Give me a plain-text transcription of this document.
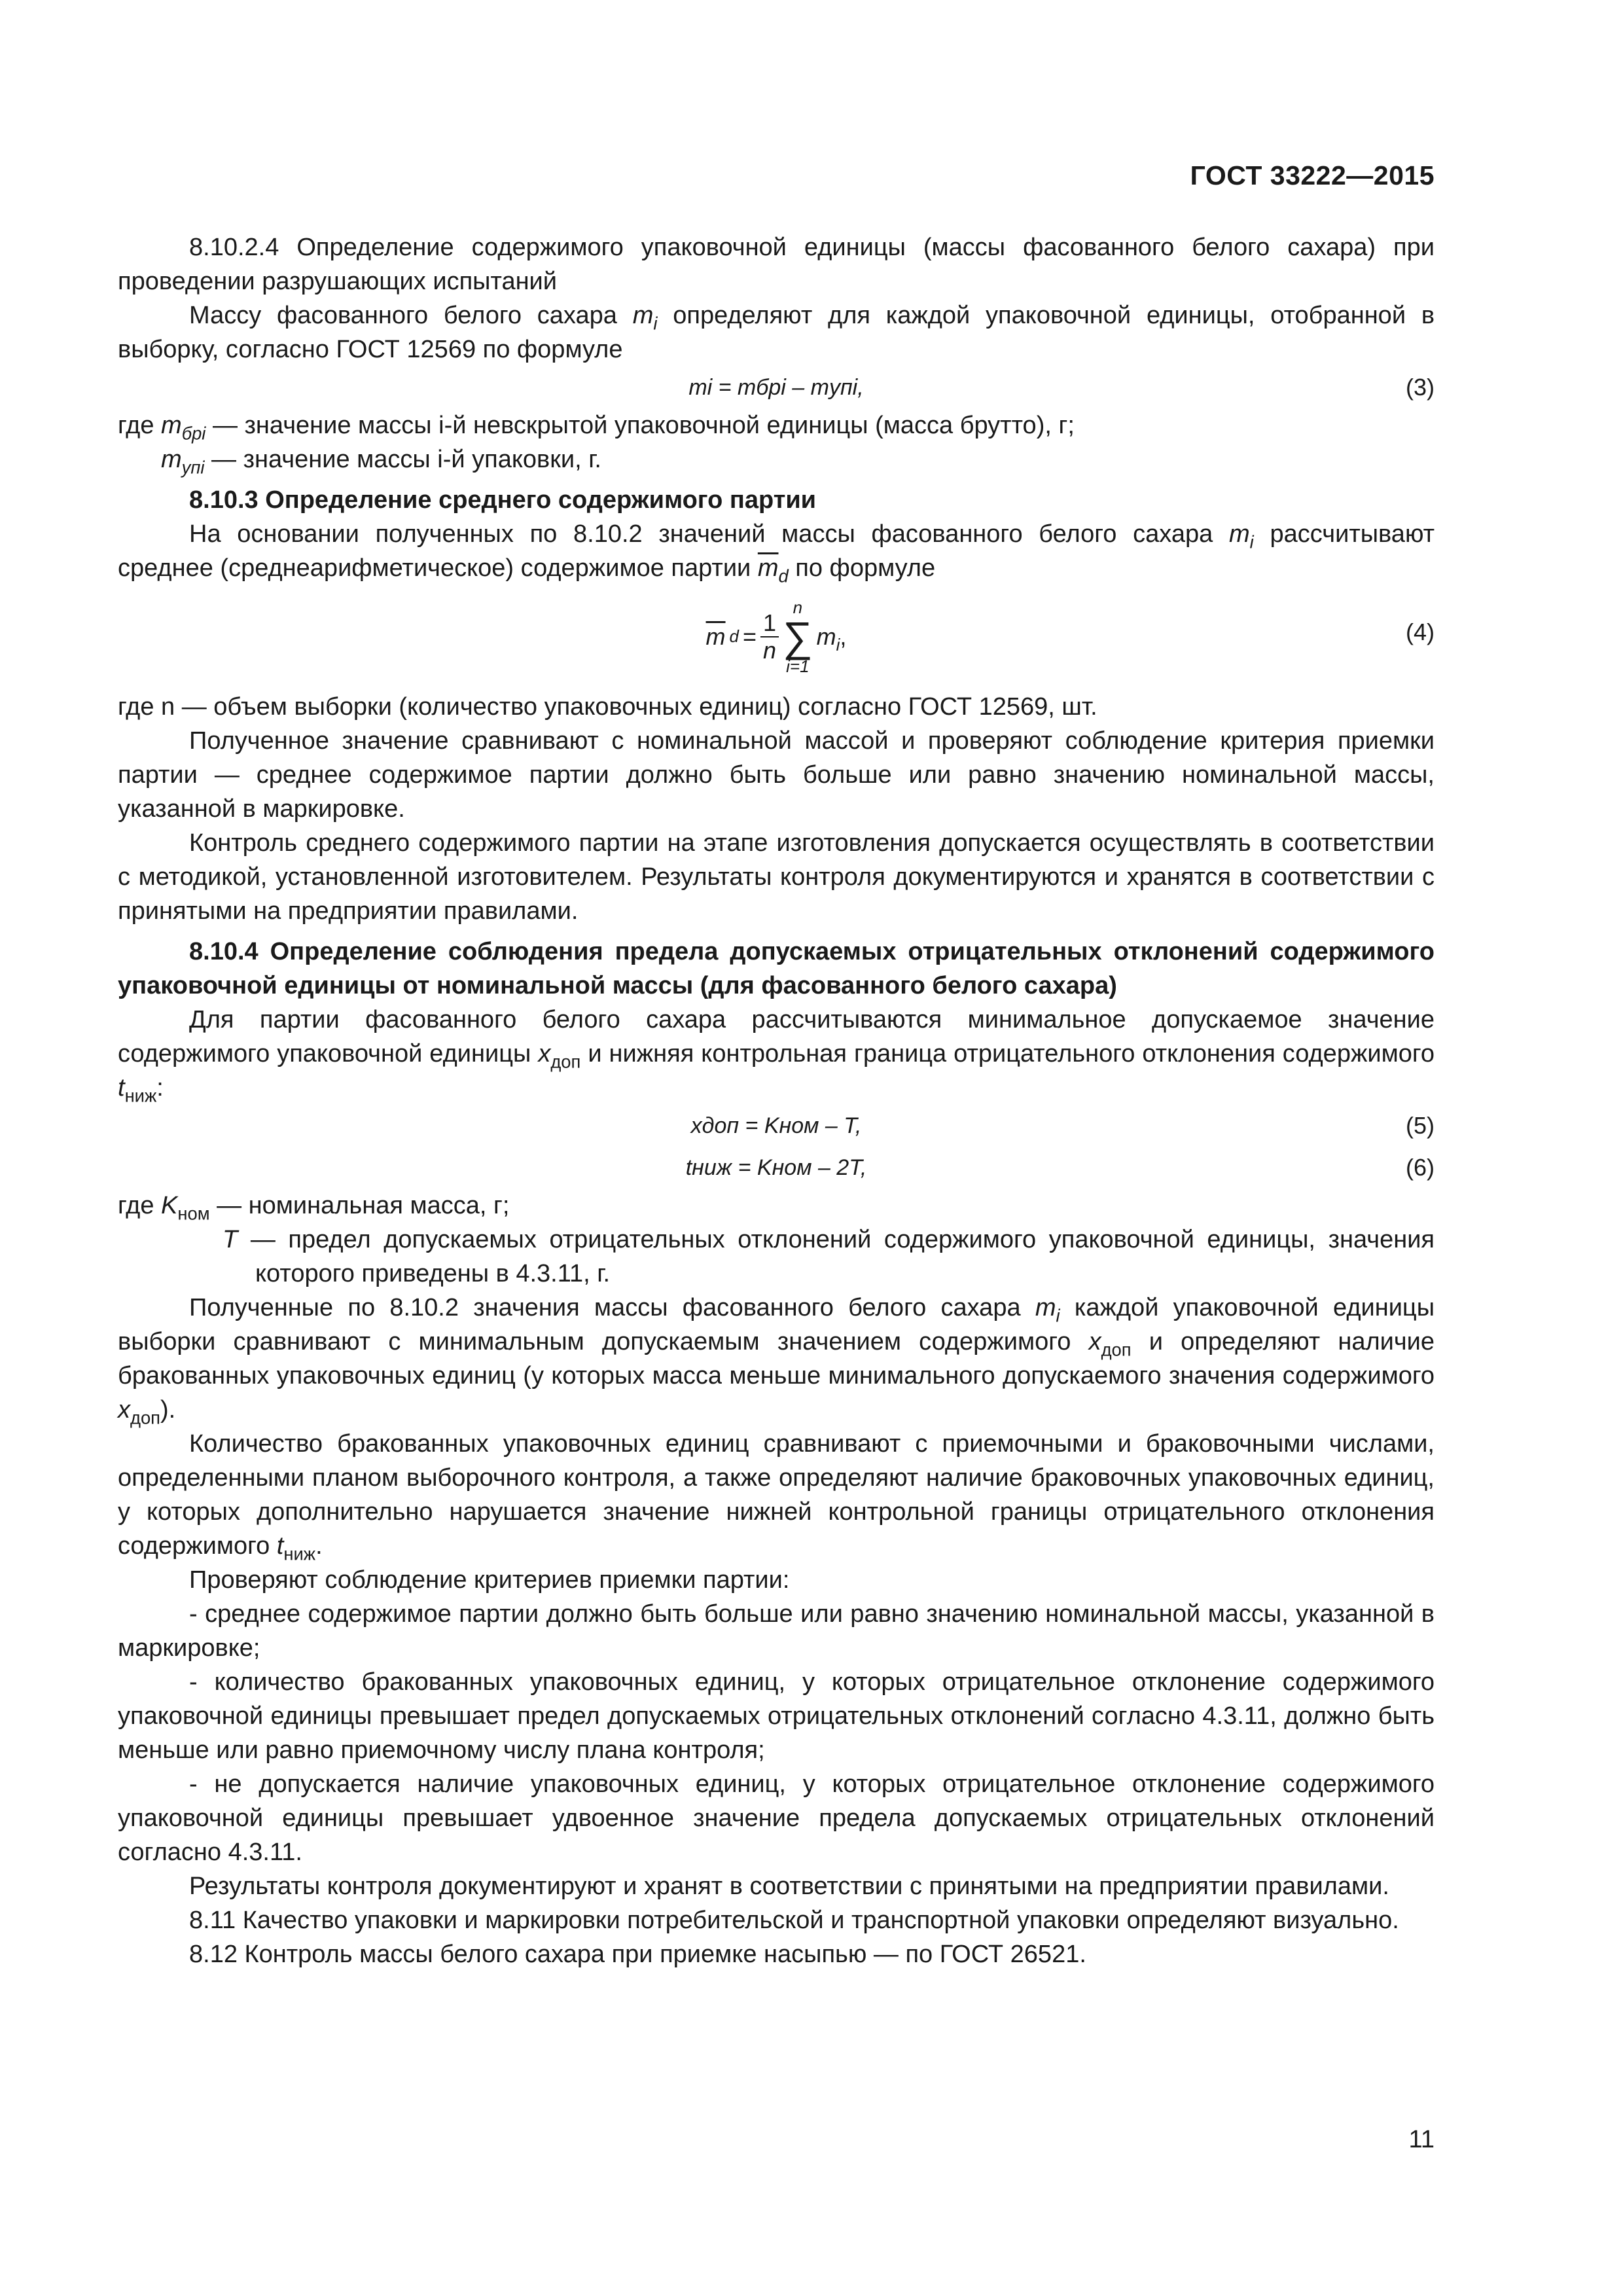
ГОСТ 33222—2015

8.10.2.4 Определение содержимого упаковочной единицы (массы фасованного белого сахара) при проведении разрушающих испытаний

Массу фасованного белого сахара $m_i$ определяют для каждой упаковочной единицы, отобранной в выборку, согласно ГОСТ 12569 по формуле

mi = mбрi – mупi,	(3)

где $m_{брi}$ — значение массы i-й невскрытой упаковочной единицы (масса брутто), г;

$m_{упi}$ — значение массы i-й упаковки, г.

8.10.3 Определение среднего содержимого партии

На основании полученных по 8.10.2 значений массы фасованного белого сахара $m_i$ рассчитывают среднее (среднеарифметическое) содержимое партии $\overline{m}_d$ по формуле

$\overline{m}$ $d = \frac{1}{n}$
n
∑
i=1
$m_i$,	(4)

где n — объем выборки (количество упаковочных единиц) согласно ГОСТ 12569, шт.

Полученное значение сравнивают с номинальной массой и проверяют соблюдение критерия приемки партии — среднее содержимое партии должно быть больше или равно значению номинальной массы, указанной в маркировке.

Контроль среднего содержимого партии на этапе изготовления допускается осуществлять в соответствии с методикой, установленной изготовителем. Результаты контроля документируются и хранятся в соответствии с принятыми на предприятии правилами.

8.10.4 Определение соблюдения предела допускаемых отрицательных отклонений содержимого упаковочной единицы от номинальной массы (для фасованного белого сахара)

Для партии фасованного белого сахара рассчитываются минимальное допускаемое значение содержимого упаковочной единицы $x_{доп}$ и нижняя контрольная граница отрицательного отклонения содержимого $t_{ниж}$:

xдоп = Kном – T,	(5)
tниж = Kном – 2T,	(6)

где $K_{ном}$ — номинальная масса, г;

T — предел допускаемых отрицательных отклонений содержимого упаковочной единицы, значения которого приведены в 4.3.11, г.

Полученные по 8.10.2 значения массы фасованного белого сахара $m_i$ каждой упаковочной единицы выборки сравнивают с минимальным допускаемым значением содержимого $x_{доп}$ и определяют наличие бракованных упаковочных единиц (у которых масса меньше минимального допускаемого значения содержимого $x_{доп}$).

Количество бракованных упаковочных единиц сравнивают с приемочными и браковочными числами, определенными планом выборочного контроля, а также определяют наличие браковочных упаковочных единиц, у которых дополнительно нарушается значение нижней контрольной границы отрицательного отклонения содержимого $t_{ниж}$.

Проверяют соблюдение критериев приемки партии:

- среднее содержимое партии должно быть больше или равно значению номинальной массы, указанной в маркировке;

- количество бракованных упаковочных единиц, у которых отрицательное отклонение содержимого упаковочной единицы превышает предел допускаемых отрицательных отклонений согласно 4.3.11, должно быть меньше или равно приемочному числу плана контроля;

- не допускается наличие упаковочных единиц, у которых отрицательное отклонение содержимого упаковочной единицы превышает удвоенное значение предела допускаемых отрицательных отклонений согласно 4.3.11.

Результаты контроля документируют и хранят в соответствии с принятыми на предприятии правилами.

8.11 Качество упаковки и маркировки потребительской и транспортной упаковки определяют визуально.

8.12 Контроль массы белого сахара при приемке насыпью — по ГОСТ 26521.

11
